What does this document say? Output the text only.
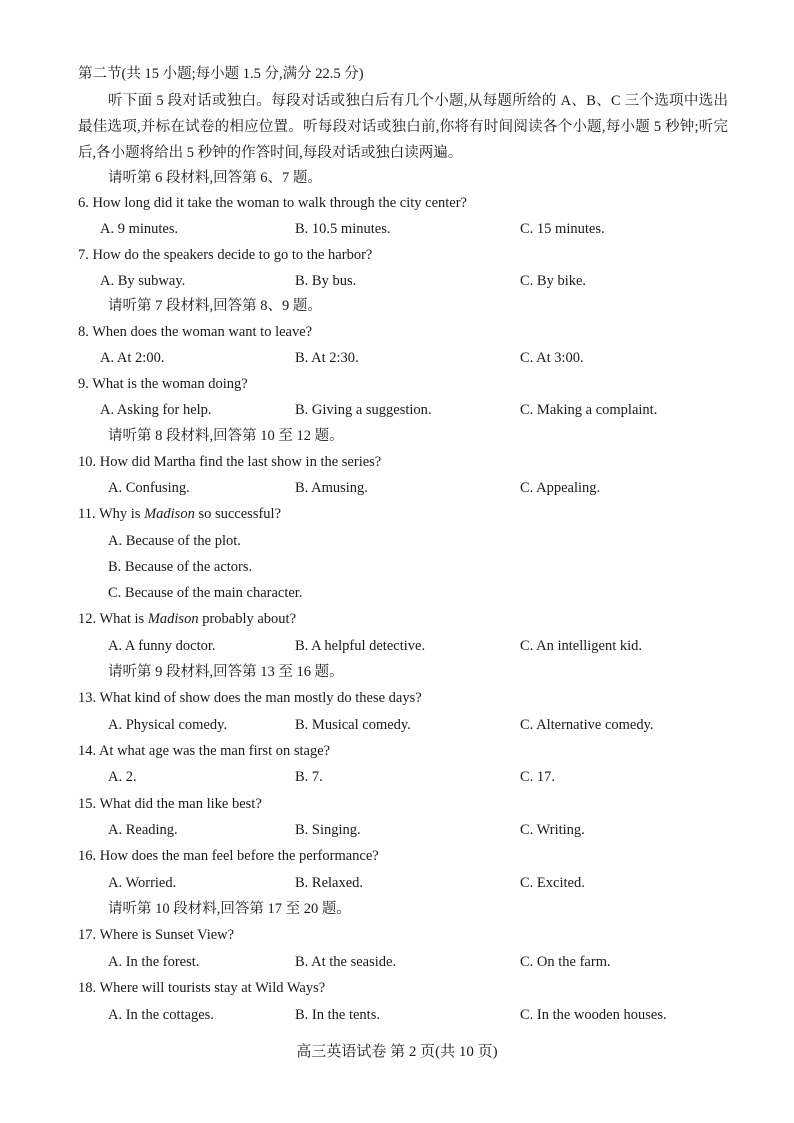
第二节(共 15 小题;每小题 1.5 分,满分 22.5 分)
听下面 5 段对话或独白。每段对话或独白后有几个小题,从每题所给的 A、B、C 三个选项中选出最佳选项,并标在试卷的相应位置。听每段对话或独白前,你将有时间阅读各个小题,每小题 5 秒钟;听完后,各小题将给出 5 秒钟的作答时间,每段对话或独白读两遍。
请听第 6 段材料,回答第 6、7 题。
6. How long did it take the woman to walk through the city center?
A. 9 minutes.	B. 10.5 minutes.	C. 15 minutes.
7. How do the speakers decide to go to the harbor?
A. By subway.	B. By bus.	C. By bike.
请听第 7 段材料,回答第 8、9 题。
8. When does the woman want to leave?
A. At 2:00.	B. At 2:30.	C. At 3:00.
9. What is the woman doing?
A. Asking for help.	B. Giving a suggestion.	C. Making a complaint.
请听第 8 段材料,回答第 10 至 12 题。
10. How did Martha find the last show in the series?
A. Confusing.	B. Amusing.	C. Appealing.
11. Why is Madison so successful?
A. Because of the plot.
B. Because of the actors.
C. Because of the main character.
12. What is Madison probably about?
A. A funny doctor.	B. A helpful detective.	C. An intelligent kid.
请听第 9 段材料,回答第 13 至 16 题。
13. What kind of show does the man mostly do these days?
A. Physical comedy.	B. Musical comedy.	C. Alternative comedy.
14. At what age was the man first on stage?
A. 2.	B. 7.	C. 17.
15. What did the man like best?
A. Reading.	B. Singing.	C. Writing.
16. How does the man feel before the performance?
A. Worried.	B. Relaxed.	C. Excited.
请听第 10 段材料,回答第 17 至 20 题。
17. Where is Sunset View?
A. In the forest.	B. At the seaside.	C. On the farm.
18. Where will tourists stay at Wild Ways?
A. In the cottages.	B. In the tents.	C. In the wooden houses.
高三英语试卷 第 2 页(共 10 页)
